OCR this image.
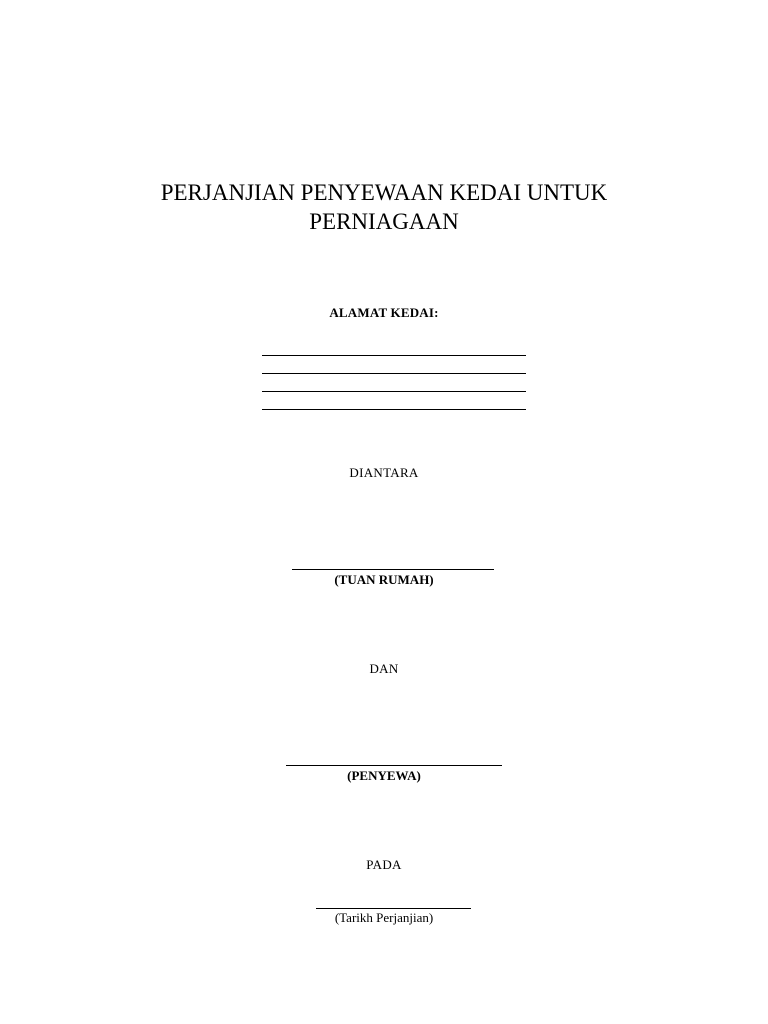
PERJANJIAN PENYEWAAN KEDAI UNTUK
PERNIAGAAN
ALAMAT KEDAI:
DIANTARA
(TUAN RUMAH)
DAN
(PENYEWA)
PADA
(Tarikh Perjanjian)
